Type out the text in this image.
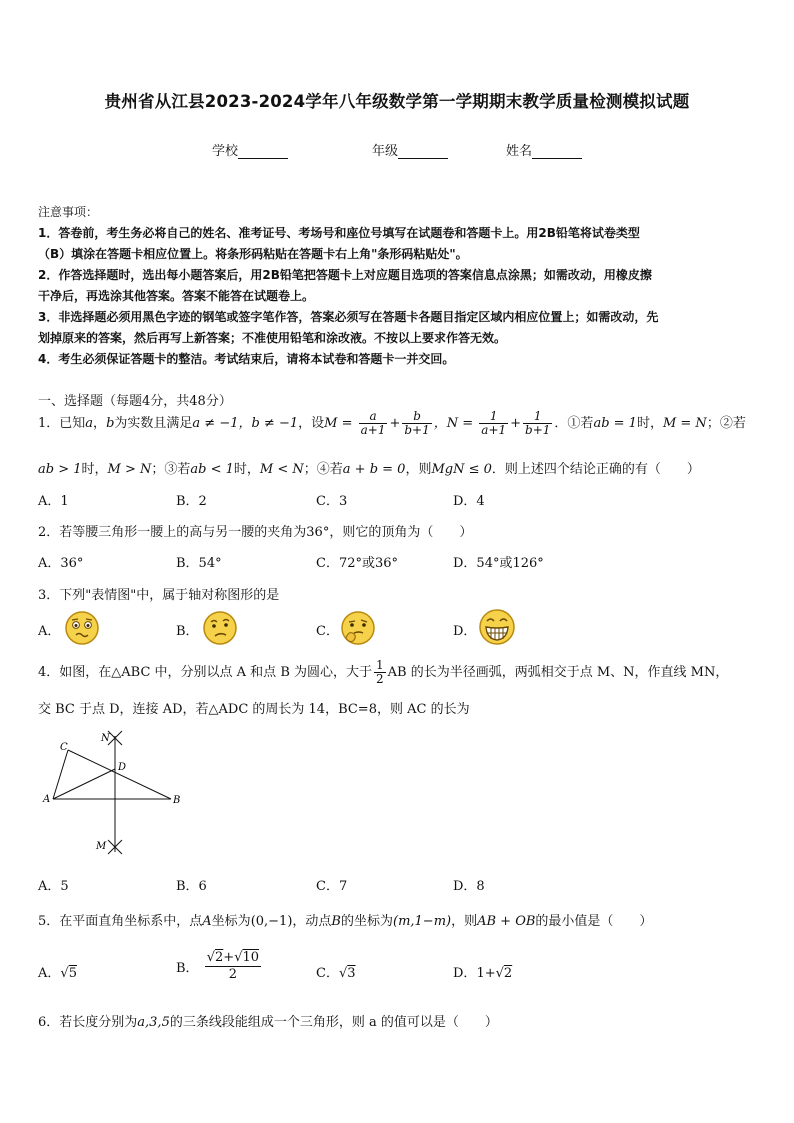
贵州省从江县2023-2024学年八年级数学第一学期期末教学质量检测模拟试题
学校	年级	姓名
注意事项：
1．答卷前，考生务必将自己的姓名、准考证号、考场号和座位号填写在试题卷和答题卡上。用2B铅笔将试卷类型
（B）填涂在答题卡相应位置上。将条形码粘贴在答题卡右上角"条形码粘贴处"。
2．作答选择题时，选出每小题答案后，用2B铅笔把答题卡上对应题目选项的答案信息点涂黑；如需改动，用橡皮擦
干净后，再选涂其他答案。答案不能答在试题卷上。
3．非选择题必须用黑色字迹的钢笔或签字笔作答，答案必须写在答题卡各题目指定区域内相应位置上；如需改动，先
划掉原来的答案，然后再写上新答案；不准使用铅笔和涂改液。不按以上要求作答无效。
4．考生必须保证答题卡的整洁。考试结束后，请将本试卷和答题卡一并交回。
一、选择题（每题4分，共48分）
1．已知a，b为实数且满足a ≠ −1，b ≠ −1，设$M = \frac{a}{a+1} + \frac{b}{b+1}$ ，$N = \frac{1}{a+1} + \frac{1}{b+1}$ ．①若ab = 1时，M = N；②若
ab > 1时，M > N；③若ab < 1时，M < N；④若a + b = 0，则MgN ≤ 0．则上述四个结论正确的有（　　）
A．1	B．2	C．3	D．4
2．若等腰三角形一腰上的高与另一腰的夹角为36°，则它的顶角为（　　）
A．36°	B．54°	C．72°或36°	D．54°或126°
3．下列"表情图"中，属于轴对称图形的是
A．	B．	C．	D．
4．如图，在△ABC 中，分别以点 A 和点 B 为圆心，大于 $\frac{1}{2}$ AB 的长为半径画弧，两弧相交于点 M、N，作直线 MN，
交 BC 于点 D，连接 AD，若△ADC 的周长为 14，BC=8，则 AC 的长为
C
N
D
A	B
M
A．5	B．6	C．7	D．8
5．在平面直角坐标系中，点A坐标为(0,−1)，动点B的坐标为(m,1−m)，则AB + OB的最小值是（　　）
A．√5	B． $\frac{√2+√10}{2}$	C．√3	D．1+√2
6．若长度分别为a,3,5的三条线段能组成一个三角形，则 a 的值可以是（　　）
